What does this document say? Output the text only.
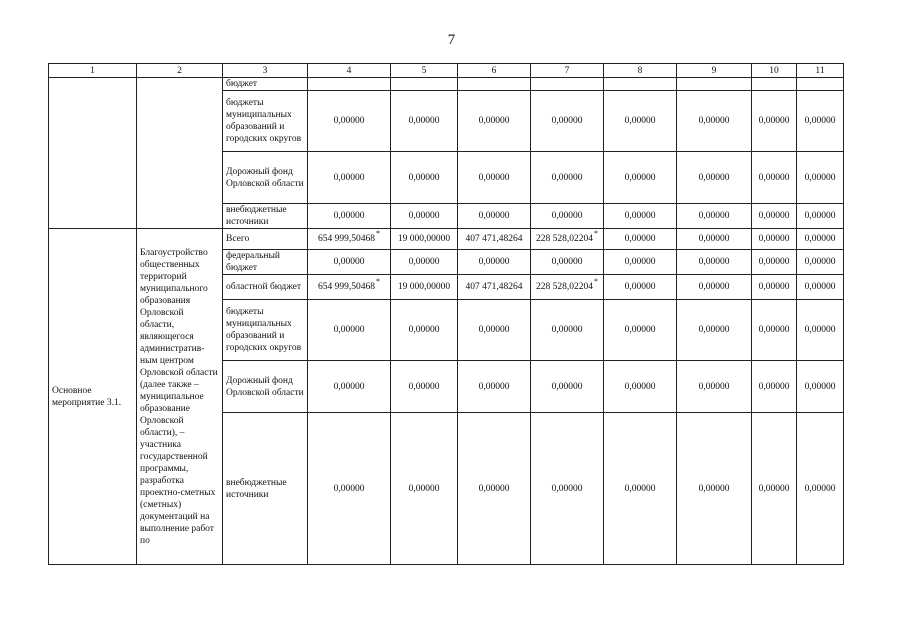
7
1	2	3	4	5	6	7	8	9	10	11
		бюджет								
		бюджеты муниципальных образований и городских округов	0,00000	0,00000	0,00000	0,00000	0,00000	0,00000	0,00000	0,00000
		Дорожный фонд Орловской области	0,00000	0,00000	0,00000	0,00000	0,00000	0,00000	0,00000	0,00000
		внебюджетные источники	0,00000	0,00000	0,00000	0,00000	0,00000	0,00000	0,00000	0,00000
Основное мероприятие 3.1.	Благоустройство общественных территорий муниципального образования Орловской области, являющегося административ-ным центром Орловской области (далее также – муниципальное образование Орловской области), – участника государственной программы, разработка проектно-сметных (сметных) документаций на выполнение работ по	Всего	654 999,50468*	19 000,00000	407 471,48264	228 528,02204*	0,00000	0,00000	0,00000	0,00000
		федеральный бюджет	0,00000	0,00000	0,00000	0,00000	0,00000	0,00000	0,00000	0,00000
		областной бюджет	654 999,50468*	19 000,00000	407 471,48264	228 528,02204*	0,00000	0,00000	0,00000	0,00000
		бюджеты муниципальных образований и городских округов	0,00000	0,00000	0,00000	0,00000	0,00000	0,00000	0,00000	0,00000
		Дорожный фонд Орловской области	0,00000	0,00000	0,00000	0,00000	0,00000	0,00000	0,00000	0,00000
		внебюджетные источники	0,00000	0,00000	0,00000	0,00000	0,00000	0,00000	0,00000	0,00000
